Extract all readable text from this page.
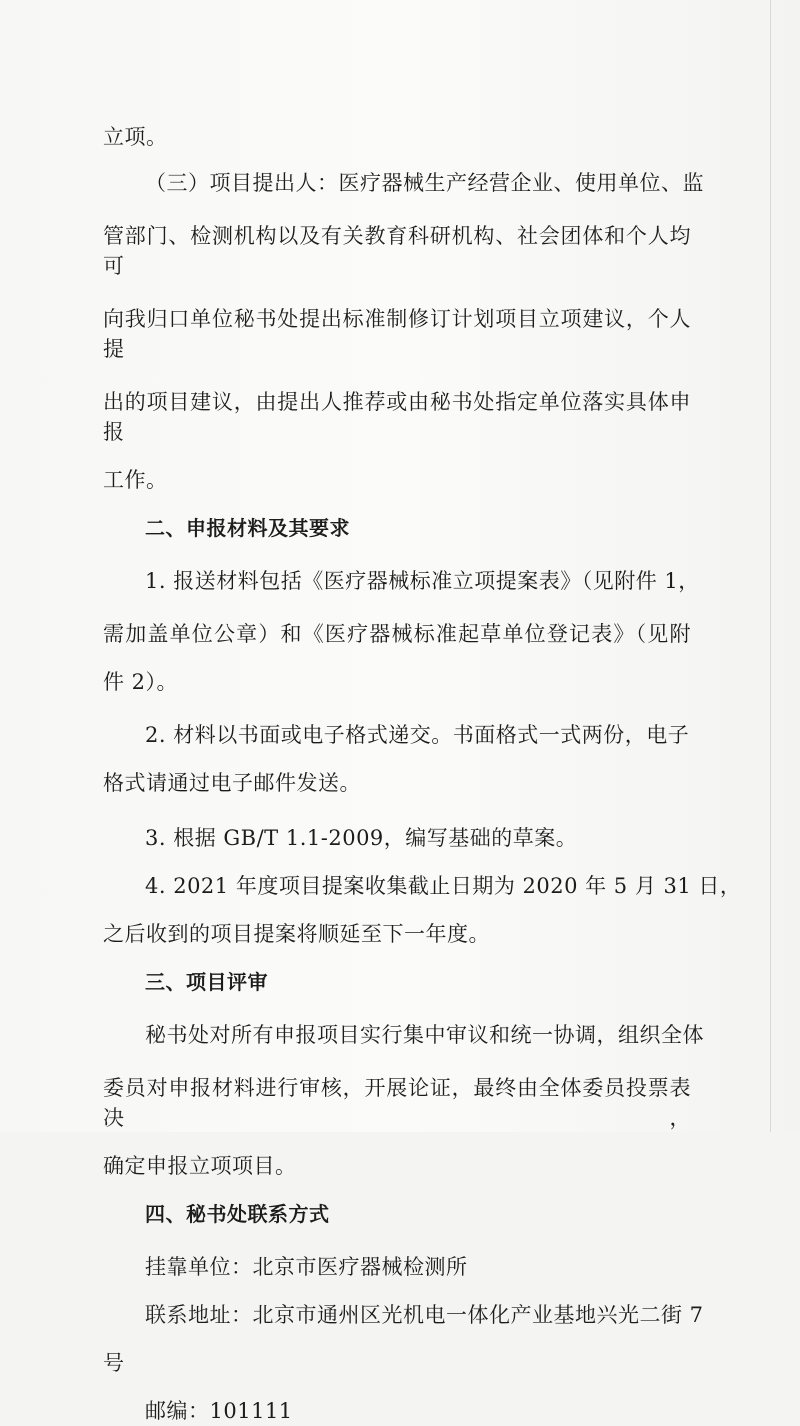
立项。
（三）项目提出人：医疗器械生产经营企业、使用单位、监
管部门、检测机构以及有关教育科研机构、社会团体和个人均可
向我归口单位秘书处提出标准制修订计划项目立项建议，个人提
出的项目建议，由提出人推荐或由秘书处指定单位落实具体申报
工作。
二、申报材料及其要求
1. 报送材料包括《医疗器械标准立项提案表》（见附件 1，
需加盖单位公章）和《医疗器械标准起草单位登记表》（见附
件 2）。
2. 材料以书面或电子格式递交。书面格式一式两份，电子
格式请通过电子邮件发送。
3. 根据 GB/T 1.1-2009，编写基础的草案。
4. 2021 年度项目提案收集截止日期为 2020 年 5 月 31 日，
之后收到的项目提案将顺延至下一年度。
三、项目评审
秘书处对所有申报项目实行集中审议和统一协调，组织全体
委员对申报材料进行审核，开展论证，最终由全体委员投票表决，
确定申报立项项目。
四、秘书处联系方式
挂靠单位：北京市医疗器械检测所
联系地址：北京市通州区光机电一体化产业基地兴光二街 7
号
邮编：101111
